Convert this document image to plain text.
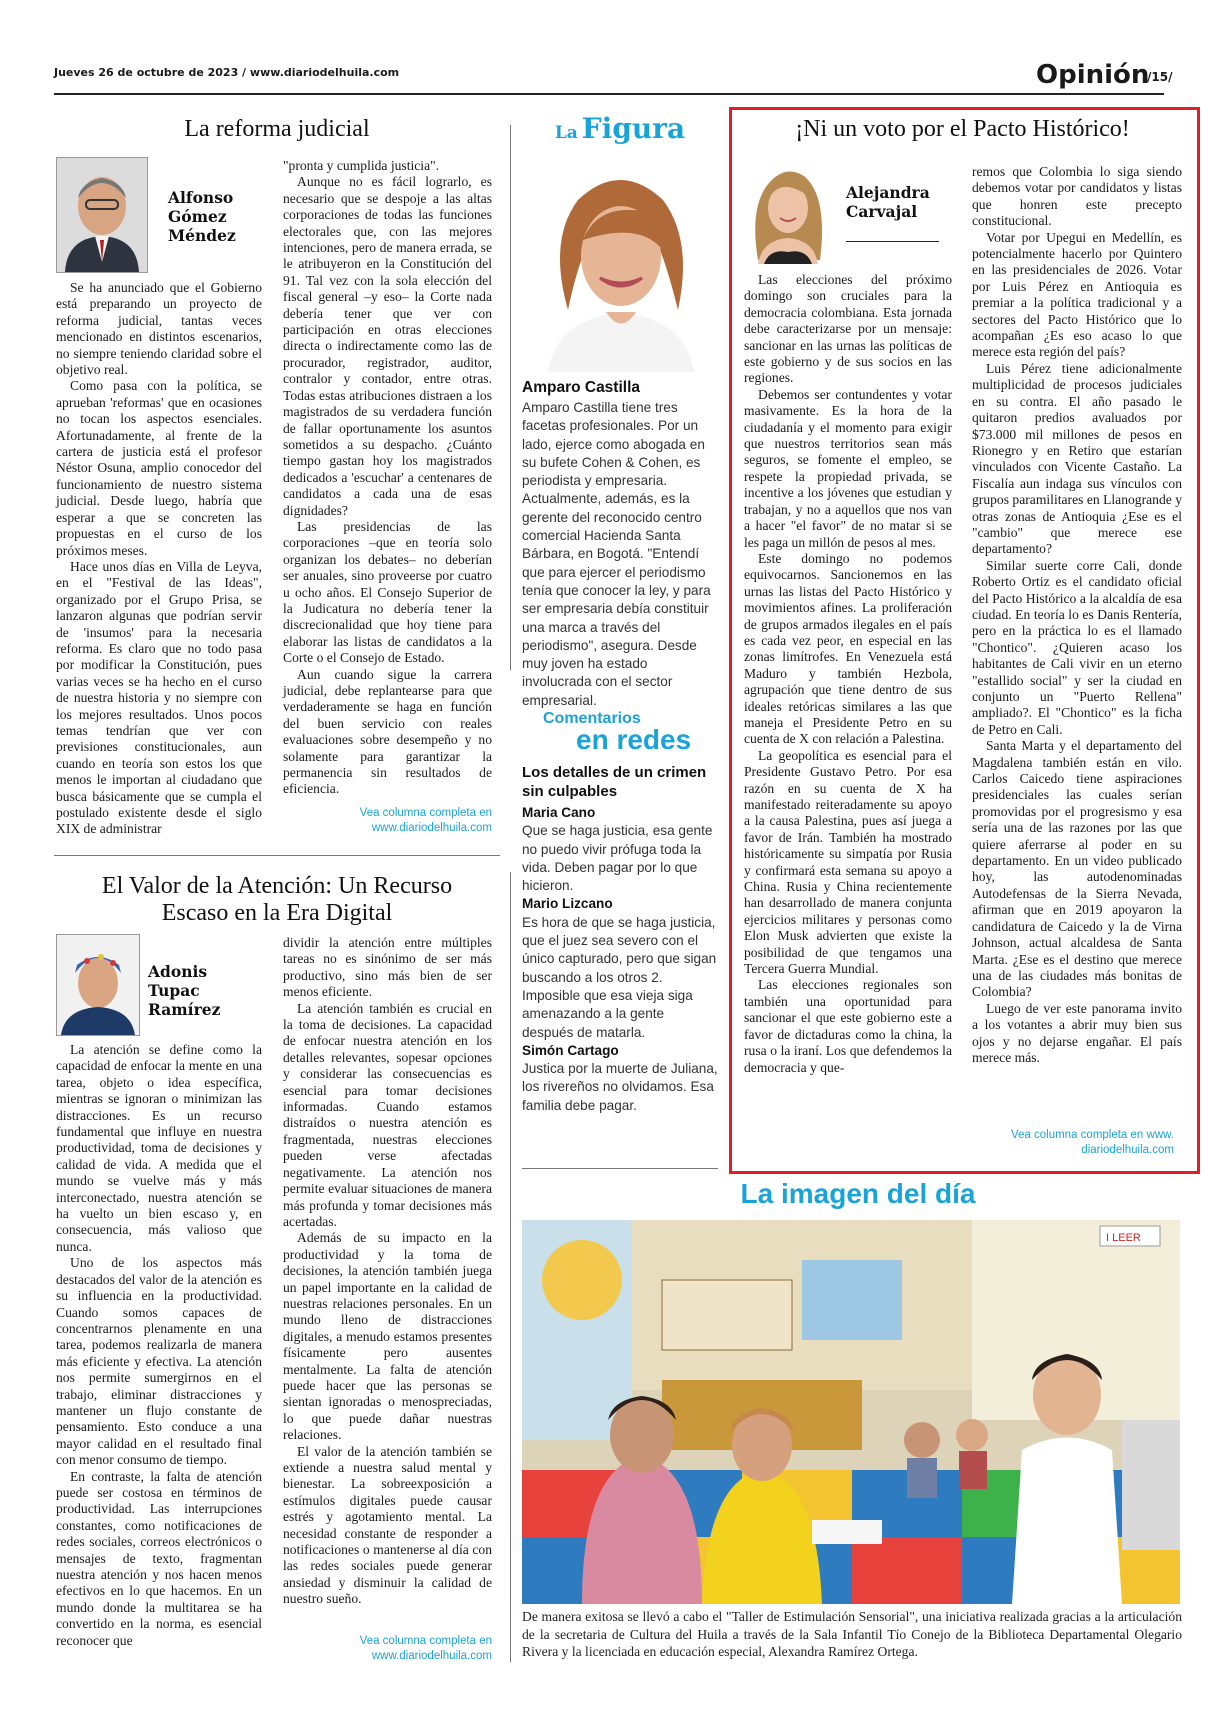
Jueves 26 de octubre de 2023 / www.diariodelhuila.com	Opinión
/15/
La reforma judicial
Alfonso Gómez Méndez

Se ha anunciado que el Gobierno está preparando un proyecto de reforma judicial, tantas veces mencionado en distintos escenarios, no siempre teniendo claridad sobre el objetivo real.

Como pasa con la política, se aprueban 'reformas' que en ocasiones no tocan los aspectos esenciales. Afortunadamente, al frente de la cartera de justicia está el profesor Néstor Osuna, amplio conocedor del funcionamiento de nuestro sistema judicial. Desde luego, habría que esperar a que se concreten las propuestas en el curso de los próximos meses.

Hace unos días en Villa de Leyva, en el "Festival de las Ideas", organizado por el Grupo Prisa, se lanzaron algunas que podrían servir de 'insumos' para la necesaria reforma. Es claro que no todo pasa por modificar la Constitución, pues varias veces se ha hecho en el curso de nuestra historia y no siempre con los mejores resultados. Unos pocos temas tendrían que ver con previsiones constitucionales, aun cuando en teoría son estos los que menos le importan al ciudadano que busca básicamente que se cumpla el postulado existente desde el siglo XIX de administrar

"pronta y cumplida justicia".

Aunque no es fácil lograrlo, es necesario que se despoje a las altas corporaciones de todas las funciones electorales que, con las mejores intenciones, pero de manera errada, se le atribuyeron en la Constitución del 91. Tal vez con la sola elección del fiscal general –y eso– la Corte nada debería tener que ver con participación en otras elecciones directa o indirectamente como las de procurador, registrador, auditor, contralor y contador, entre otras. Todas estas atribuciones distraen a los magistrados de su verdadera función de fallar oportunamente los asuntos sometidos a su despacho. ¿Cuánto tiempo gastan hoy los magistrados dedicados a 'escuchar' a centenares de candidatos a cada una de esas dignidades?

Las presidencias de las corporaciones –que en teoría solo organizan los debates– no deberían ser anuales, sino proveerse por cuatro u ocho años. El Consejo Superior de la Judicatura no debería tener la discrecionalidad que hoy tiene para elaborar las listas de candidatos a la Corte o el Consejo de Estado.

Aun cuando sigue la carrera judicial, debe replantearse para que verdaderamente se haga en función del buen servicio con reales evaluaciones sobre desempeño y no solamente para garantizar la permanencia sin resultados de eficiencia.

Vea columna completa en www.diariodelhuila.com
El Valor de la Atención: Un Recurso
Escaso en la Era Digital
Adonis Tupac Ramírez

La atención se define como la capacidad de enfocar la mente en una tarea, objeto o idea específica, mientras se ignoran o minimizan las distracciones. Es un recurso fundamental que influye en nuestra productividad, toma de decisiones y calidad de vida. A medida que el mundo se vuelve más y más interconectado, nuestra atención se ha vuelto un bien escaso y, en consecuencia, más valioso que nunca.

Uno de los aspectos más destacados del valor de la atención es su influencia en la productividad. Cuando somos capaces de concentrarnos plenamente en una tarea, podemos realizarla de manera más eficiente y efectiva. La atención nos permite sumergirnos en el trabajo, eliminar distracciones y mantener un flujo constante de pensamiento. Esto conduce a una mayor calidad en el resultado final con menor consumo de tiempo.

En contraste, la falta de atención puede ser costosa en términos de productividad. Las interrupciones constantes, como notificaciones de redes sociales, correos electrónicos o mensajes de texto, fragmentan nuestra atención y nos hacen menos efectivos en lo que hacemos. En un mundo donde la multitarea se ha convertido en la norma, es esencial reconocer que

dividir la atención entre múltiples tareas no es sinónimo de ser más productivo, sino más bien de ser menos eficiente.

La atención también es crucial en la toma de decisiones. La capacidad de enfocar nuestra atención en los detalles relevantes, sopesar opciones y considerar las consecuencias es esencial para tomar decisiones informadas. Cuando estamos distraídos o nuestra atención es fragmentada, nuestras elecciones pueden verse afectadas negativamente. La atención nos permite evaluar situaciones de manera más profunda y tomar decisiones más acertadas.

Además de su impacto en la productividad y la toma de decisiones, la atención también juega un papel importante en la calidad de nuestras relaciones personales. En un mundo lleno de distracciones digitales, a menudo estamos presentes físicamente pero ausentes mentalmente. La falta de atención puede hacer que las personas se sientan ignoradas o menospreciadas, lo que puede dañar nuestras relaciones.

El valor de la atención también se extiende a nuestra salud mental y bienestar. La sobreexposición a estímulos digitales puede causar estrés y agotamiento mental. La necesidad constante de responder a notificaciones o mantenerse al día con las redes sociales puede generar ansiedad y disminuir la calidad de nuestro sueño.

Vea columna completa en www.diariodelhuila.com
La Figura
Amparo Castilla
Amparo Castilla tiene tres facetas profesionales. Por un lado, ejerce como abogada en su bufete Cohen & Cohen, es periodista y empresaria. Actualmente, además, es la gerente del reconocido centro comercial Hacienda Santa Bárbara, en Bogotá. "Entendí que para ejercer el periodismo tenía que conocer la ley, y para ser empresaria debía constituir una marca a través del periodismo", asegura. Desde muy joven ha estado involucrada con el sector empresarial.
Comentarios
en redes
Los detalles de un crimen sin culpables
Maria Cano
Que se haga justicia, esa gente no puedo vivir prófuga toda la vida. Deben pagar por lo que hicieron.
Mario Lizcano
Es hora de que se haga justicia, que el juez sea severo con el único capturado, pero que sigan buscando a los otros 2. Imposible que esa vieja siga amenazando a la gente después de matarla.
Simón Cartago
Justica por la muerte de Juliana, los rivereños no olvidamos. Esa familia debe pagar.
¡Ni un voto por el Pacto Histórico!
Alejandra Carvajal

Las elecciones del próximo domingo son cruciales para la democracia colombiana. Esta jornada debe caracterizarse por un mensaje: sancionar en las urnas las políticas de este gobierno y de sus socios en las regiones.

Debemos ser contundentes y votar masivamente. Es la hora de la ciudadanía y el momento para exigir que nuestros territorios sean más seguros, se fomente el empleo, se respete la propiedad privada, se incentive a los jóvenes que estudian y trabajan, y no a aquellos que nos van a hacer "el favor" de no matar si se les paga un millón de pesos al mes.

Este domingo no podemos equivocarnos. Sancionemos en las urnas las listas del Pacto Histórico y movimientos afines. La proliferación de grupos armados ilegales en el país es cada vez peor, en especial en las zonas limítrofes. En Venezuela está Maduro y también Hezbola, agrupación que tiene dentro de sus ideales retóricas similares a las que maneja el Presidente Petro en su cuenta de X con relación a Palestina.

La geopolítica es esencial para el Presidente Gustavo Petro. Por esa razón en su cuenta de X ha manifestado reiteradamente su apoyo a la causa Palestina, pues así juega a favor de Irán. También ha mostrado históricamente su simpatía por Rusia y confirmará esta semana su apoyo a China. Rusia y China recientemente han desarrollado de manera conjunta ejercicios militares y personas como Elon Musk advierten que existe la posibilidad de que tengamos una Tercera Guerra Mundial.

Las elecciones regionales son también una oportunidad para sancionar el que este gobierno este a favor de dictaduras como la china, la rusa o la iraní. Los que defendemos la democracia y que-

remos que Colombia lo siga siendo debemos votar por candidatos y listas que honren este precepto constitucional.

Votar por Upegui en Medellín, es potencialmente hacerlo por Quintero en las presidenciales de 2026. Votar por Luis Pérez en Antioquia es premiar a la política tradicional y a sectores del Pacto Histórico que lo acompañan ¿Es eso acaso lo que merece esta región del país?

Luis Pérez tiene adicionalmente multiplicidad de procesos judiciales en su contra. El año pasado le quitaron predios avaluados por $73.000 mil millones de pesos en Rionegro y en Retiro que estarían vinculados con Vicente Castaño. La Fiscalía aun indaga sus vínculos con grupos paramilitares en Llanogrande y otras zonas de Antioquia ¿Ese es el "cambio" que merece ese departamento?

Similar suerte corre Cali, donde Roberto Ortiz es el candidato oficial del Pacto Histórico a la alcaldía de esa ciudad. En teoría lo es Danis Rentería, pero en la práctica lo es el llamado "Chontico". ¿Quieren acaso los habitantes de Cali vivir en un eterno "estallido social" y ser la ciudad en conjunto un "Puerto Rellena" ampliado?. El "Chontico" es la ficha de Petro en Cali.

Santa Marta y el departamento del Magdalena también están en vilo. Carlos Caicedo tiene aspiraciones presidenciales las cuales serían promovidas por el progresismo y esa sería una de las razones por las que quiere aferrarse al poder en su departamento. En un video publicado hoy, las autodenominadas Autodefensas de la Sierra Nevada, afirman que en 2019 apoyaron la candidatura de Caicedo y la de Virna Johnson, actual alcaldesa de Santa Marta. ¿Ese es el destino que merece una de las ciudades más bonitas de Colombia?

Luego de ver este panorama invito a los votantes a abrir muy bien sus ojos y no dejarse engañar. El país merece más.

Vea columna completa en www.
diariodelhuila.com
La imagen del día
I LEER
De manera exitosa se llevó a cabo el "Taller de Estimulación Sensorial", una iniciativa realizada gracias a la articulación de la secretaria de Cultura del Huila a través de la Sala Infantil Tío Conejo de la Biblioteca Departamental Olegario Rivera y la licenciada en educación especial, Alexandra Ramírez Ortega.
